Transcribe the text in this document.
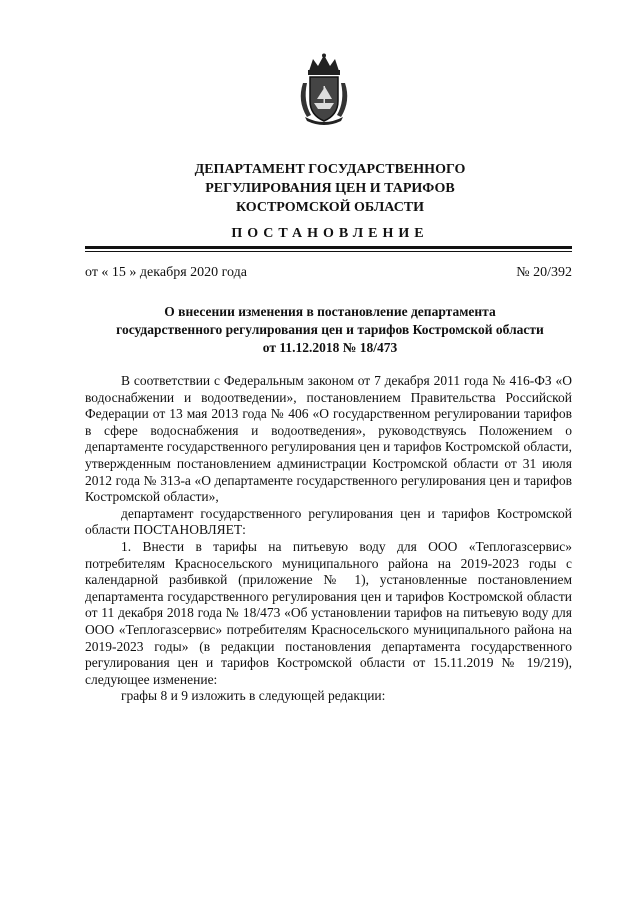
ДЕПАРТАМЕНТ ГОСУДАРСТВЕННОГО
РЕГУЛИРОВАНИЯ ЦЕН И ТАРИФОВ
КОСТРОМСКОЙ ОБЛАСТИ
ПОСТАНОВЛЕНИЕ
от « 15 » декабря 2020 года	№ 20/392
О внесении изменения в постановление департамента
государственного регулирования цен и тарифов Костромской области
от 11.12.2018 № 18/473

В соответствии с Федеральным законом от 7 декабря 2011 года № 416-ФЗ «О водоснабжении и водоотведении», постановлением Правительства Российской Федерации от 13 мая 2013 года № 406 «О государственном регулировании тарифов в сфере водоснабжения и водоотведения», руководствуясь Положением о департаменте государственного регулирования цен и тарифов Костромской области, утвержденным постановлением администрации Костромской области от 31 июля 2012 года № 313-а «О департаменте государственного регулирования цен и тарифов Костромской области»,

департамент государственного регулирования цен и тарифов Костромской области ПОСТАНОВЛЯЕТ:

1. Внести в тарифы на питьевую воду для ООО «Теплогазсервис» потребителям Красносельского муниципального района на 2019-2023 годы с календарной разбивкой (приложение № 1), установленные постановлением департамента государственного регулирования цен и тарифов Костромской области от 11 декабря 2018 года № 18/473 «Об установлении тарифов на питьевую воду для ООО «Теплогазсервис» потребителям Красносельского муниципального района на 2019-2023 годы» (в редакции постановления департамента государственного регулирования цен и тарифов Костромской области от 15.11.2019 № 19/219), следующее изменение:

графы 8 и 9 изложить в следующей редакции:
